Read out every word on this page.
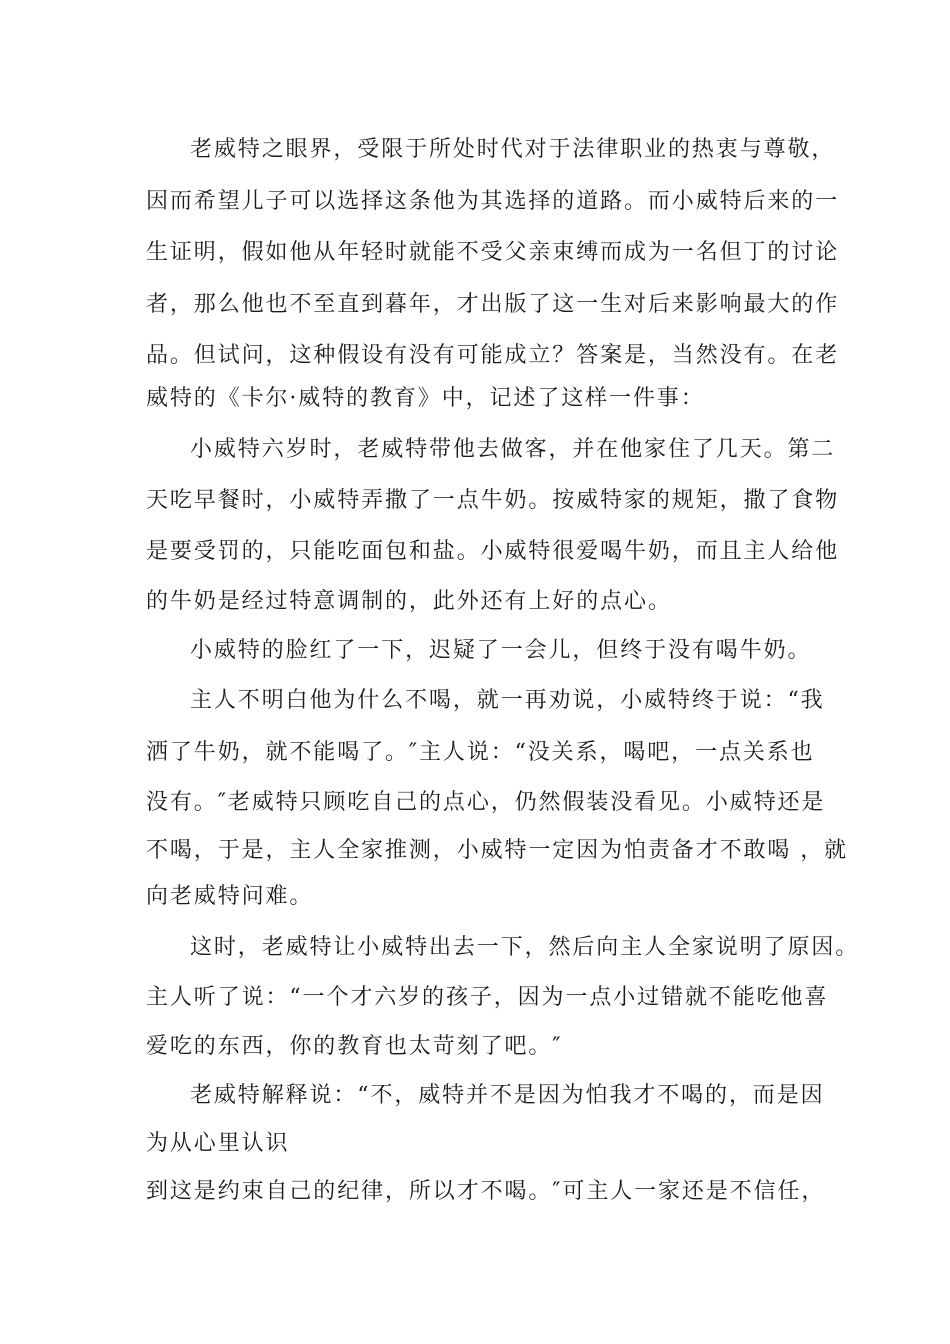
老威特之眼界，受限于所处时代对于法律职业的热衷与尊敬，
因而希望儿子可以选择这条他为其选择的道路。而小威特后来的一
生证明，假如他从年轻时就能不受父亲束缚而成为一名但丁的讨论
者，那么他也不至直到暮年，才出版了这一生对后来影响最大的作
品。但试问，这种假设有没有可能成立？答案是，当然没有。在老
威特的《卡尔·威特的教育》中，记述了这样一件事：
小威特六岁时，老威特带他去做客，并在他家住了几天。第二
天吃早餐时，小威特弄撒了一点牛奶。按威特家的规矩，撒了食物
是要受罚的，只能吃面包和盐。小威特很爱喝牛奶，而且主人给他
的牛奶是经过特意调制的，此外还有上好的点心。
小威特的脸红了一下，迟疑了一会儿，但终于没有喝牛奶。
主人不明白他为什么不喝，就一再劝说，小威特终于说：“我
洒了牛奶，就不能喝了。″主人说：“没关系，喝吧，一点关系也
没有。″老威特只顾吃自己的点心，仍然假装没看见。小威特还是
不喝，于是，主人全家推测，小威特一定因为怕责备才不敢喝 ，就
向老威特问难。
这时，老威特让小威特出去一下，然后向主人全家说明了原因。
主人听了说：“一个才六岁的孩子，因为一点小过错就不能吃他喜
爱吃的东西，你的教育也太苛刻了吧。″
老威特解释说：“不，威特并不是因为怕我才不喝的，而是因
为从心里认识
到这是约束自己的纪律，所以才不喝。″可主人一家还是不信任，
